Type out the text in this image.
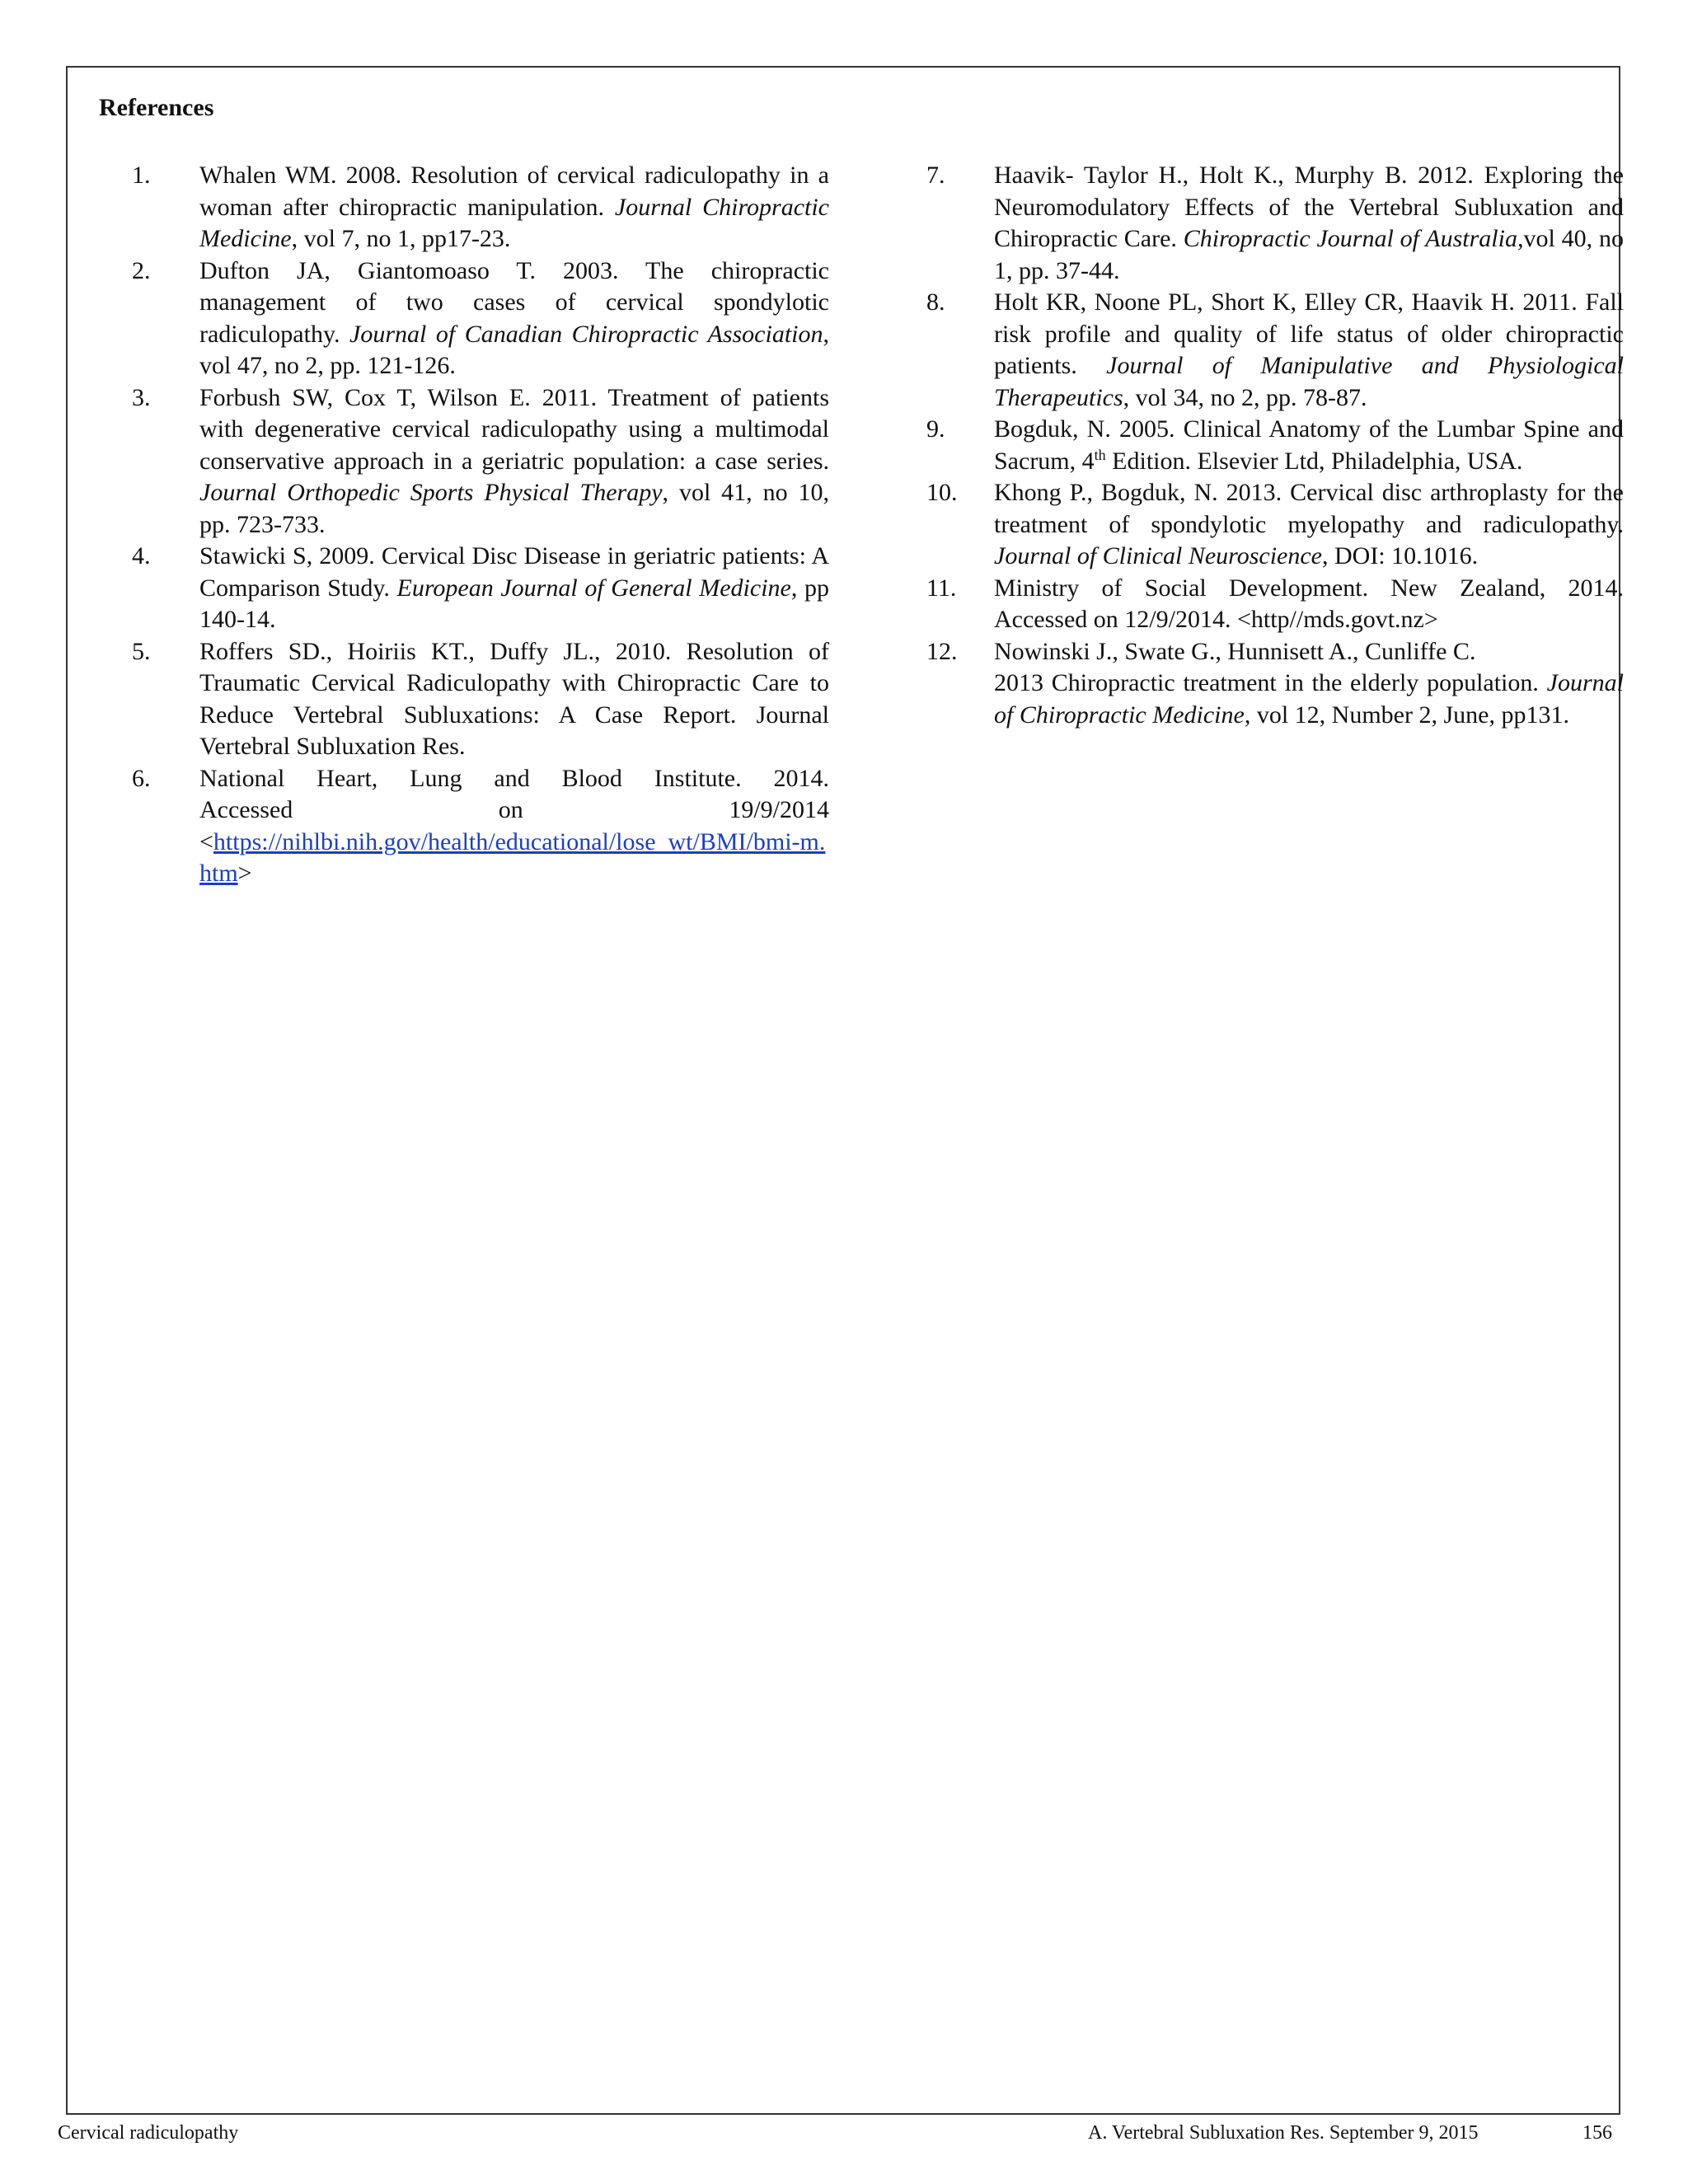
References
1. Whalen WM. 2008. Resolution of cervical radiculopathy in a woman after chiropractic manipulation. Journal Chiropractic Medicine, vol 7, no 1, pp17-23.
2. Dufton JA, Giantomoaso T. 2003. The chiropractic management of two cases of cervical spondylotic radiculopathy. Journal of Canadian Chiropractic Association, vol 47, no 2, pp. 121-126.
3. Forbush SW, Cox T, Wilson E. 2011. Treatment of patients with degenerative cervical radiculopathy using a multimodal conservative approach in a geriatric population: a case series. Journal Orthopedic Sports Physical Therapy, vol 41, no 10, pp. 723-733.
4. Stawicki S, 2009. Cervical Disc Disease in geriatric patients: A Comparison Study. European Journal of General Medicine, pp 140-14.
5. Roffers SD., Hoiriis KT., Duffy JL., 2010. Resolution of Traumatic Cervical Radiculopathy with Chiropractic Care to Reduce Vertebral Subluxations: A Case Report. Journal Vertebral Subluxation Res.
6. National Heart, Lung and Blood Institute. 2014.
Accessed on 19/9/2014
<https://nihlbi.nih.gov/health/educational/lose_wt/BMI/bmi-m.htm>
7. Haavik- Taylor H., Holt K., Murphy B. 2012. Exploring the Neuromodulatory Effects of the Vertebral Subluxation and Chiropractic Care. Chiropractic Journal of Australia,vol 40, no 1, pp. 37-44.
8. Holt KR, Noone PL, Short K, Elley CR, Haavik H. 2011. Fall risk profile and quality of life status of older chiropractic patients. Journal of Manipulative and Physiological Therapeutics, vol 34, no 2, pp. 78-87.
9. Bogduk, N. 2005. Clinical Anatomy of the Lumbar Spine and Sacrum, 4th Edition. Elsevier Ltd, Philadelphia, USA.
10. Khong P., Bogduk, N. 2013. Cervical disc arthroplasty for the treatment of spondylotic myelopathy and radiculopathy. Journal of Clinical Neuroscience, DOI: 10.1016.
11. Ministry of Social Development. New Zealand, 2014. Accessed on 12/9/2014. <http//mds.govt.nz>
12. Nowinski J., Swate G., Hunnisett A., Cunliffe C.
2013 Chiropractic treatment in the elderly population. Journal of Chiropractic Medicine, vol 12, Number 2, June, pp131.
Cervical radiculopathy	A. Vertebral Subluxation Res. September 9, 2015	156
